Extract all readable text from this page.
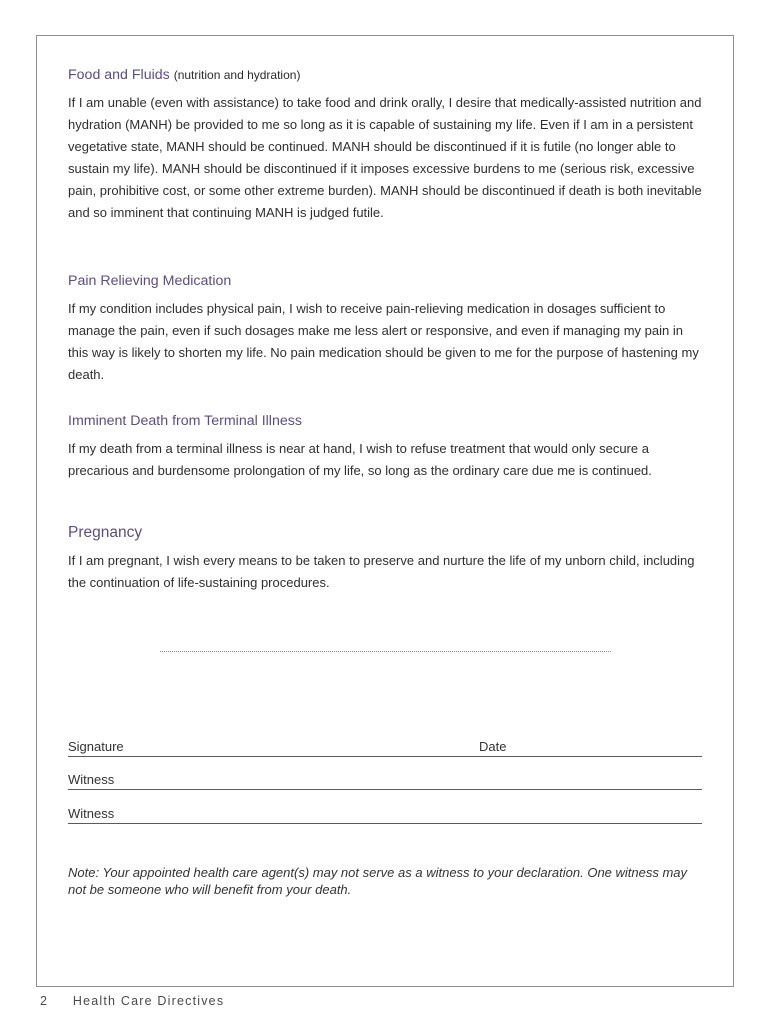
Food and Fluids (nutrition and hydration)

If I am unable (even with assistance) to take food and drink orally, I desire that medically-assisted nutrition and hydration (MANH) be provided to me so long as it is capable of sustaining my life. Even if I am in a persistent vegetative state, MANH should be continued. MANH should be discontinued if it is futile (no longer able to sustain my life). MANH should be discontinued if it imposes excessive burdens to me (serious risk, excessive pain, prohibitive cost, or some other extreme burden). MANH should be discontinued if death is both inevitable and so imminent that continuing MANH is judged futile.

Pain Relieving Medication

If my condition includes physical pain, I wish to receive pain-relieving medication in dosages sufficient to manage the pain, even if such dosages make me less alert or responsive, and even if managing my pain in this way is likely to shorten my life. No pain medication should be given to me for the purpose of hastening my death.

Imminent Death from Terminal Illness

If my death from a terminal illness is near at hand, I wish to refuse treatment that would only secure a precarious and burdensome prolongation of my life, so long as the ordinary care due me is continued.

Pregnancy

If I am pregnant, I wish every means to be taken to preserve and nurture the life of my unborn child, including the continuation of life-sustaining procedures.

Signature	Date
Witness
Witness

Note: Your appointed health care agent(s) may not serve as a witness to your declaration. One witness may not be someone who will benefit from your death.

2 Health Care Directives
